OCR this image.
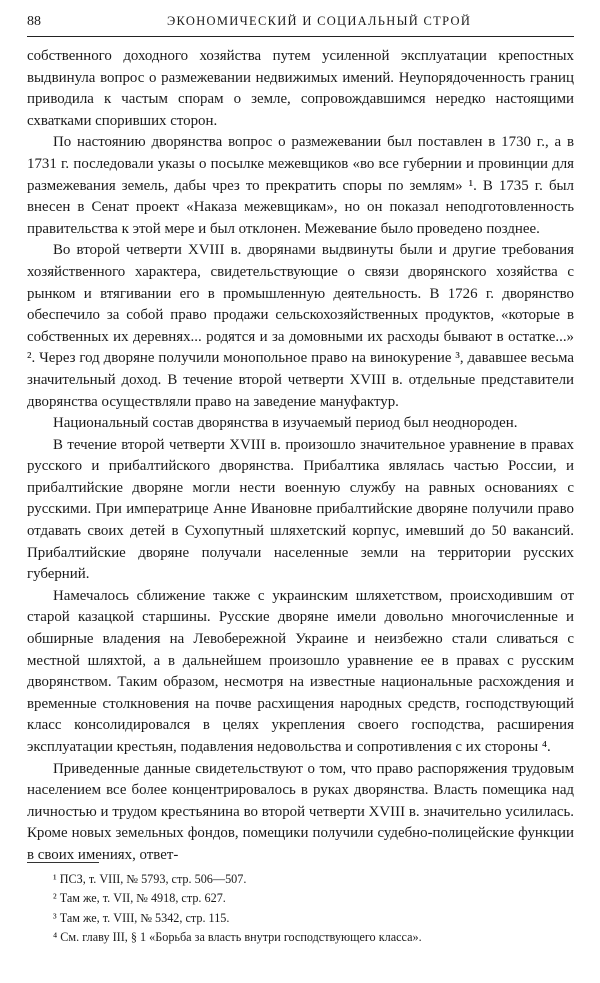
88	ЭКОНОМИЧЕСКИЙ И СОЦИАЛЬНЫЙ СТРОЙ

собственного доходного хозяйства путем усиленной эксплуатации крепостных выдвинула вопрос о размежевании недвижимых имений. Неупорядоченность границ приводила к частым спорам о земле, сопровождавшимся нередко настоящими схватками споривших сторон.

По настоянию дворянства вопрос о размежевании был поставлен в 1730 г., а в 1731 г. последовали указы о посылке межевщиков «во все губернии и провинции для размежевания земель, дабы чрез то прекратить споры по землям» ¹. В 1735 г. был внесен в Сенат проект «Наказа межевщикам», но он показал неподготовленность правительства к этой мере и был отклонен. Межевание было проведено позднее.

Во второй четверти XVIII в. дворянами выдвинуты были и другие требования хозяйственного характера, свидетельствующие о связи дворянского хозяйства с рынком и втягивании его в промышленную деятельность. В 1726 г. дворянство обеспечило за собой право продажи сельскохозяйственных продуктов, «которые в собственных их деревнях... родятся и за домовными их расходы бывают в остатке...» ². Через год дворяне получили монопольное право на винокурение ³, дававшее весьма значительный доход. В течение второй четверти XVIII в. отдельные представители дворянства осуществляли право на заведение мануфактур.

Национальный состав дворянства в изучаемый период был неоднороден.

В течение второй четверти XVIII в. произошло значительное уравнение в правах русского и прибалтийского дворянства. Прибалтика являлась частью России, и прибалтийские дворяне могли нести военную службу на равных основаниях с русскими. При императрице Анне Ивановне прибалтийские дворяне получили право отдавать своих детей в Сухопутный шляхетский корпус, имевший до 50 вакансий. Прибалтийские дворяне получали населенные земли на территории русских губерний.

Намечалось сближение также с украинским шляхетством, происходившим от старой казацкой старшины. Русские дворяне имели довольно многочисленные и обширные владения на Левобережной Украине и неизбежно стали сливаться с местной шляхтой, а в дальнейшем произошло уравнение ее в правах с русским дворянством. Таким образом, несмотря на известные национальные расхождения и временные столкновения на почве расхищения народных средств, господствующий класс консолидировался в целях укрепления своего господства, расширения эксплуатации крестьян, подавления недовольства и сопротивления с их стороны ⁴.

Приведенные данные свидетельствуют о том, что право распоряжения трудовым населением все более концентрировалось в руках дворянства. Власть помещика над личностью и трудом крестьянина во второй четверти XVIII в. значительно усилилась. Кроме новых земельных фондов, помещики получили судебно-полицейские функции в своих имениях, ответ-

¹ ПСЗ, т. VIII, № 5793, стр. 506—507.

² Там же, т. VII, № 4918, стр. 627.

³ Там же, т. VIII, № 5342, стр. 115.

⁴ См. главу III, § 1 «Борьба за власть внутри господствующего класса».
